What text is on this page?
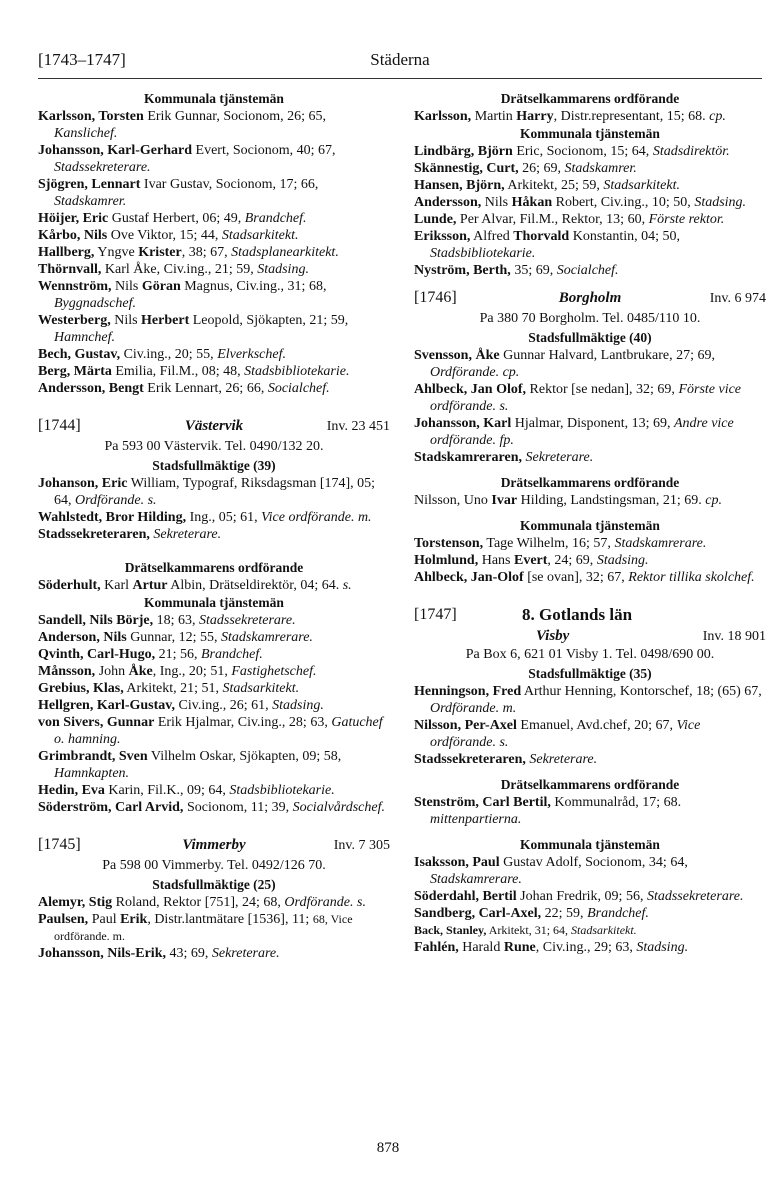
[1743–1747]	Städerna
Kommunala tjänstemän

Karlsson, Torsten Erik Gunnar, Socionom, 26; 65, Kanslichef.

Johansson, Karl-Gerhard Evert, Socionom, 40; 67, Stadssekreterare.

Sjögren, Lennart Ivar Gustav, Socionom, 17; 66, Stadskamrer.

Höijer, Eric Gustaf Herbert, 06; 49, Brandchef.

Kårbo, Nils Ove Viktor, 15; 44, Stadsarkitekt.

Hallberg, Yngve Krister, 38; 67, Stadsplanearkitekt.

Thörnvall, Karl Åke, Civ.ing., 21; 59, Stadsing.

Wennström, Nils Göran Magnus, Civ.ing., 31; 68, Byggnadschef.

Westerberg, Nils Herbert Leopold, Sjökapten, 21; 59, Hamnchef.

Bech, Gustav, Civ.ing., 20; 55, Elverkschef.

Berg, Märta Emilia, Fil.M., 08; 48, Stadsbibliotekarie.

Andersson, Bengt Erik Lennart, 26; 66, Socialchef.

[1744]	Västervik	Inv. 23 451
Pa 593 00 Västervik. Tel. 0490/132 20.
Stadsfullmäktige (39)

Johanson, Eric William, Typograf, Riksdagsman [174], 05; 64, Ordförande. s.

Wahlstedt, Bror Hilding, Ing., 05; 61, Vice ordförande. m.

Stadssekreteraren, Sekreterare.

Drätselkammarens ordförande

Söderhult, Karl Artur Albin, Drätseldirektör, 04; 64. s.

Kommunala tjänstemän

Sandell, Nils Börje, 18; 63, Stadssekreterare.

Anderson, Nils Gunnar, 12; 55, Stadskamrerare.

Qvinth, Carl-Hugo, 21; 56, Brandchef.

Månsson, John Åke, Ing., 20; 51, Fastighetschef.

Grebius, Klas, Arkitekt, 21; 51, Stadsarkitekt.

Hellgren, Karl-Gustav, Civ.ing., 26; 61, Stadsing.

von Sivers, Gunnar Erik Hjalmar, Civ.ing., 28; 63, Gatuchef o. hamning.

Grimbrandt, Sven Vilhelm Oskar, Sjökapten, 09; 58, Hamnkapten.

Hedin, Eva Karin, Fil.K., 09; 64, Stadsbibliotekarie.

Söderström, Carl Arvid, Socionom, 11; 39, Socialvårdschef.

[1745]	Vimmerby	Inv. 7 305
Pa 598 00 Vimmerby. Tel. 0492/126 70.
Stadsfullmäktige (25)

Alemyr, Stig Roland, Rektor [751], 24; 68, Ordförande. s.

Paulsen, Paul Erik, Distr.lantmätare [1536], 11; 68, Vice ordförande. m.

Johansson, Nils-Erik, 43; 69, Sekreterare.

Drätselkammarens ordförande

Karlsson, Martin Harry, Distr.representant, 15; 68. cp.

Kommunala tjänstemän

Lindbärg, Björn Eric, Socionom, 15; 64, Stadsdirektör.

Skännestig, Curt, 26; 69, Stadskamrer.

Hansen, Björn, Arkitekt, 25; 59, Stadsarkitekt.

Andersson, Nils Håkan Robert, Civ.ing., 10; 50, Stadsing.

Lunde, Per Alvar, Fil.M., Rektor, 13; 60, Förste rektor.

Eriksson, Alfred Thorvald Konstantin, 04; 50, Stadsbibliotekarie.

Nyström, Berth, 35; 69, Socialchef.

[1746]	Borgholm	Inv. 6 974
Pa 380 70 Borgholm. Tel. 0485/110 10.
Stadsfullmäktige (40)

Svensson, Åke Gunnar Halvard, Lantbrukare, 27; 69, Ordförande. cp.

Ahlbeck, Jan Olof, Rektor [se nedan], 32; 69, Förste vice ordförande. s.

Johansson, Karl Hjalmar, Disponent, 13; 69, Andre vice ordförande. fp.

Stadskamreraren, Sekreterare.

Drätselkammarens ordförande

Nilsson, Uno Ivar Hilding, Landstingsman, 21; 69. cp.

Kommunala tjänstemän

Torstenson, Tage Wilhelm, 16; 57, Stadskamrerare.

Holmlund, Hans Evert, 24; 69, Stadsing.

Ahlbeck, Jan-Olof [se ovan], 32; 67, Rektor tillika skolchef.

[1747]	8. Gotlands län
Visby	Inv. 18 901
Pa Box 6, 621 01 Visby 1. Tel. 0498/690 00.
Stadsfullmäktige (35)

Henningson, Fred Arthur Henning, Kontorschef, 18; (65) 67, Ordförande. m.

Nilsson, Per-Axel Emanuel, Avd.chef, 20; 67, Vice ordförande. s.

Stadssekreteraren, Sekreterare.

Drätselkammarens ordförande

Stenström, Carl Bertil, Kommunalråd, 17; 68. mittenpartierna.

Kommunala tjänstemän

Isaksson, Paul Gustav Adolf, Socionom, 34; 64, Stadskamrerare.

Söderdahl, Bertil Johan Fredrik, 09; 56, Stadssekreterare.

Sandberg, Carl-Axel, 22; 59, Brandchef.

Back, Stanley, Arkitekt, 31; 64, Stadsarkitekt.

Fahlén, Harald Rune, Civ.ing., 29; 63, Stadsing.

878
